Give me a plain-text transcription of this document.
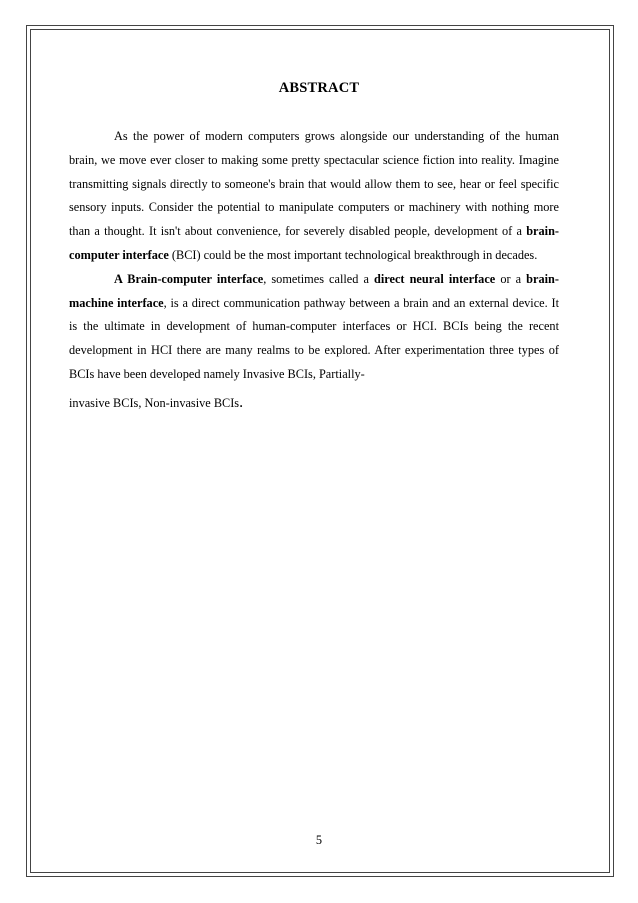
ABSTRACT

As the power of modern computers grows alongside our understanding of the human brain, we move ever closer to making some pretty spectacular science fiction into reality. Imagine transmitting signals directly to someone's brain that would allow them to see, hear or feel specific sensory inputs. Consider the potential to manipulate computers or machinery with nothing more than a thought. It isn't about convenience, for severely disabled people, development of a brain-computer interface (BCI) could be the most important technological breakthrough in decades.

A Brain-computer interface, sometimes called a direct neural interface or a brain-machine interface, is a direct communication pathway between a brain and an external device. It is the ultimate in development of human-computer interfaces or HCI. BCIs being the recent development in HCI there are many realms to be explored. After experimentation three types of BCIs have been developed namely Invasive BCIs, Partially-

invasive BCIs, Non-invasive BCIs.
5
